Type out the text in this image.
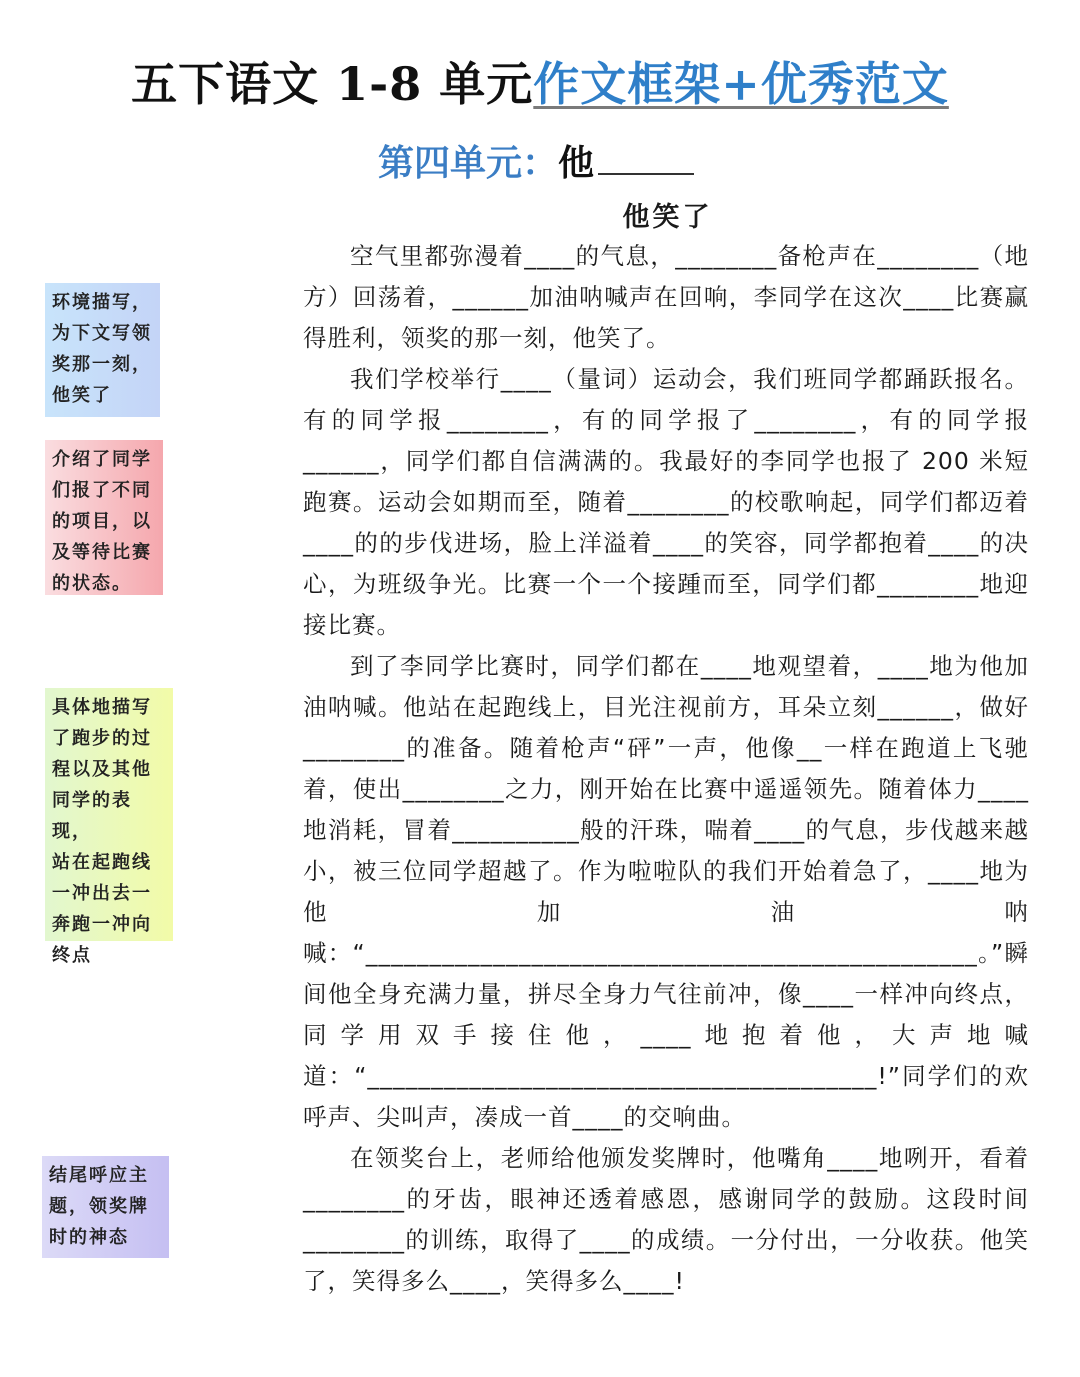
五下语文 1-8 单元作文框架+优秀范文
第四单元：他
他笑了
环境描写，
为下文写领
奖那一刻，
他笑了
介绍了同学
们报了不同
的项目，以
及等待比赛
的状态。
具体地描写
了跑步的过
程以及其他
同学的表现，
站在起跑线
一冲出去一
奔跑一冲向
终点
结尾呼应主
题，领奖牌
时的神态

空气里都弥漫着____的气息，________备枪声在________（地方）回荡着，______加油呐喊声在回响，李同学在这次____比赛赢得胜利，领奖的那一刻，他笑了。

我们学校举行____（量词）运动会，我们班同学都踊跃报名。有的同学报________，有的同学报了________，有的同学报______，同学们都自信满满的。我最好的李同学也报了 200 米短跑赛。运动会如期而至，随着________的校歌响起，同学们都迈着____的的步伐进场，脸上洋溢着____的笑容，同学都抱着____的决心，为班级争光。比赛一个一个接踵而至，同学们都________地迎接比赛。

到了李同学比赛时，同学们都在____地观望着，____地为他加油呐喊。他站在起跑线上，目光注视前方，耳朵立刻______，做好________的准备。随着枪声“砰”一声，他像__一样在跑道上飞驰着，使出________之力，刚开始在比赛中遥遥领先。随着体力____地消耗，冒着__________般的汗珠，喘着____的气息，步伐越来越小，被三位同学超越了。作为啦啦队的我们开始着急了，____地为他加油呐喊：“________________________________________________。”瞬间他全身充满力量，拼尽全身力气往前冲，像____一样冲向终点，同学用双手接住他，____地抱着他，大声地喊道：“________________________________________!”同学们的欢呼声、尖叫声，凑成一首____的交响曲。

在领奖台上，老师给他颁发奖牌时，他嘴角____地咧开，看着________的牙齿，眼神还透着感恩，感谢同学的鼓励。这段时间________的训练，取得了____的成绩。一分付出，一分收获。他笑了，笑得多么____，笑得多么____!
